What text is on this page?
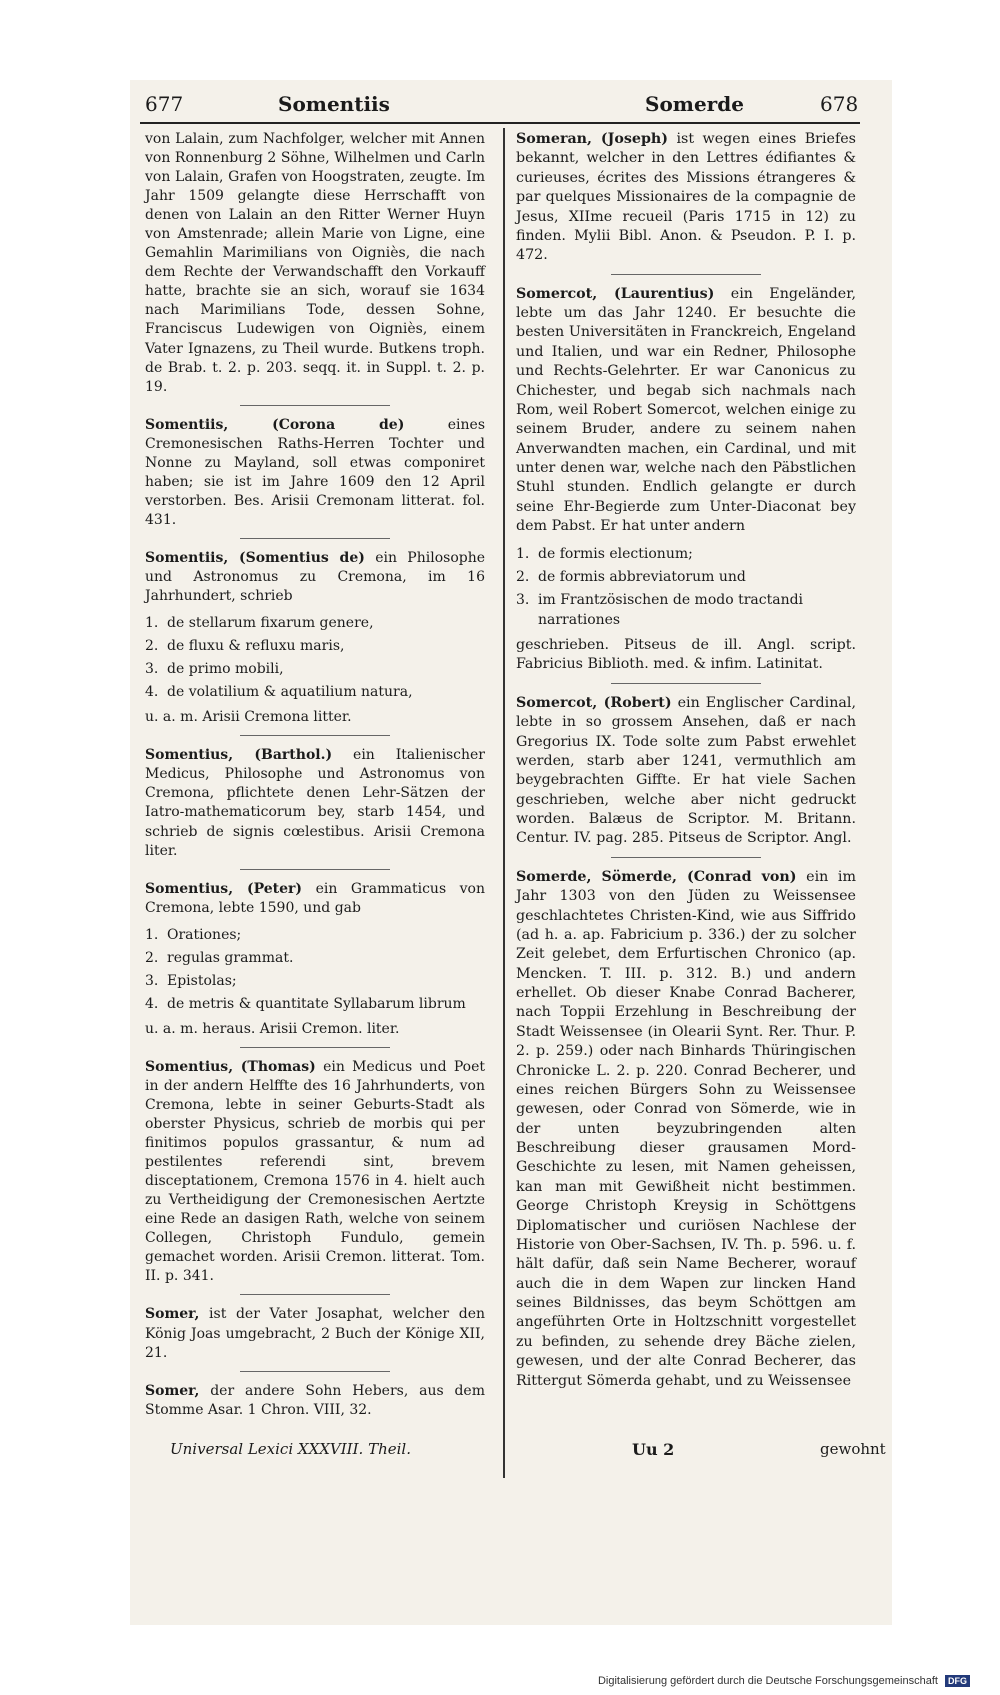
677	Somentiis	Somerde	678

von Lalain, zum Nachfolger, welcher mit Annen von Ronnenburg 2 Söhne, Wilhelmen und Carln von Lalain, Grafen von Hoogstraten, zeugte. Im Jahr 1509 gelangte diese Herrschafft von denen von Lalain an den Ritter Werner Huyn von Amstenrade; allein Marie von Ligne, eine Gemahlin Marimilians von Oigniès, die nach dem Rechte der Verwandschafft den Vorkauff hatte, brachte sie an sich, worauf sie 1634 nach Marimilians Tode, dessen Sohne, Franciscus Ludewigen von Oigniès, einem Vater Ignazens, zu Theil wurde. Butkens troph. de Brab. t. 2. p. 203. seqq. it. in Suppl. t. 2. p. 19.

Somentiis, (Corona de)	eines Cremonesischen Raths-Herren Tochter und Nonne zu Mayland, soll etwas componiret haben; sie ist im Jahre 1609 den 12 April verstorben. Bes. Arisii Cremonam litterat. fol. 431.

Somentiis, (Somentius de) ein Philosophe und Astronomus zu Cremona, im 16 Jahrhundert, schrieb

1. de stellarum fixarum genere,
2. de fluxu & refluxu maris,
3. de primo mobili,
4. de volatilium & aquatilium natura,

u. a. m. Arisii Cremona litter.

Somentius, (Barthol.) ein Italienischer Medicus, Philosophe und Astronomus von Cremona, pflichtete denen Lehr-Sätzen der Iatro-mathematicorum bey, starb 1454, und schrieb de signis cœlestibus. Arisii Cremona liter.

Somentius, (Peter) ein Grammaticus von Cremona, lebte 1590, und gab

1. Orationes;
2. regulas grammat.
3. Epistolas;
4. de metris & quantitate Syllabarum librum

u. a. m. heraus. Arisii Cremon. liter.

Somentius, (Thomas) ein Medicus und Poet in der andern Helffte des 16 Jahrhunderts, von Cremona, lebte in seiner Geburts-Stadt als oberster Physicus, schrieb de morbis qui per finitimos populos grassantur, & num ad pestilentes referendi sint, brevem disceptationem, Cremona 1576 in 4. hielt auch zu Vertheidigung der Cremonesischen Aertzte eine Rede an dasigen Rath, welche von seinem Collegen, Christoph Fundulo, gemein gemachet worden. Arisii Cremon. litterat. Tom. II. p. 341.

Somer, ist der Vater Josaphat, welcher den König Joas umgebracht, 2 Buch der Könige XII, 21.

Somer, der andere Sohn Hebers, aus dem Stomme Asar. 1 Chron. VIII, 32.

Someran, (Joseph) ist wegen eines Briefes bekannt, welcher in den Lettres édifiantes & curieuses, écrites des Missions étrangeres & par quelques Missionaires de la compagnie de Jesus, XIIme recueil (Paris 1715 in 12) zu finden. Mylii Bibl. Anon. & Pseudon. P. I. p. 472.

Somercot, (Laurentius) ein Engeländer, lebte um das Jahr 1240. Er besuchte die besten Universitäten in Franckreich, Engeland und Italien, und war ein Redner, Philosophe und Rechts-Gelehrter. Er war Canonicus zu Chichester, und begab sich nachmals nach Rom, weil Robert Somercot, welchen einige zu seinem Bruder, andere zu seinem nahen Anverwandten machen, ein Cardinal, und mit unter denen war, welche nach den Päbstlichen Stuhl stunden. Endlich gelangte er durch seine Ehr-Begierde zum Unter-Diaconat bey dem Pabst. Er hat unter andern

1. de formis electionum;
2. de formis abbreviatorum und
3. im Frantzösischen de modo tractandi narrationes

geschrieben. Pitseus de ill. Angl. script. Fabricius Biblioth. med. & infim. Latinitat.

Somercot, (Robert) ein Englischer Cardinal, lebte in so grossem Ansehen, daß er nach Gregorius IX. Tode solte zum Pabst erwehlet werden, starb aber 1241, vermuthlich am beygebrachten Giffte. Er hat viele Sachen geschrieben, welche aber nicht gedruckt worden. Balæus de Scriptor. M. Britann. Centur. IV. pag. 285. Pitseus de Scriptor. Angl.

Somerde, Sömerde, (Conrad von) ein im Jahr 1303 von den Jüden zu Weissensee geschlachtetes Christen-Kind, wie aus Siffrido (ad h. a. ap. Fabricium p. 336.) der zu solcher Zeit gelebet, dem Erfurtischen Chronico (ap. Mencken. T. III. p. 312. B.) und andern erhellet. Ob dieser Knabe Conrad Bacherer, nach Toppii Erzehlung in Beschreibung der Stadt Weissensee (in Olearii Synt. Rer. Thur. P. 2. p. 259.) oder nach Binhards Thüringischen Chronicke L. 2. p. 220. Conrad Becherer, und eines reichen Bürgers Sohn zu Weissensee gewesen, oder Conrad von Sömerde, wie in der unten beyzubringenden alten Beschreibung dieser grausamen Mord-Geschichte zu lesen, mit Namen geheissen, kan man mit Gewißheit nicht bestimmen. George Christoph Kreysig in Schöttgens Diplomatischer und curiösen Nachlese der Historie von Ober-Sachsen, IV. Th. p. 596. u. f. hält dafür, daß sein Name Becherer, worauf auch die in dem Wapen zur lincken Hand seines Bildnisses, das beym Schöttgen am angeführten Orte in Holtzschnitt vorgestellet zu befinden, zu sehende drey Bäche zielen, gewesen, und der alte Conrad Becherer, das Rittergut Sömerda gehabt, und zu Weissensee

Universal Lexici XXXVIII. Theil.	Uu 2	gewohnt
Digitalisierung gefördert durch die Deutsche Forschungsgemeinschaft DFG
